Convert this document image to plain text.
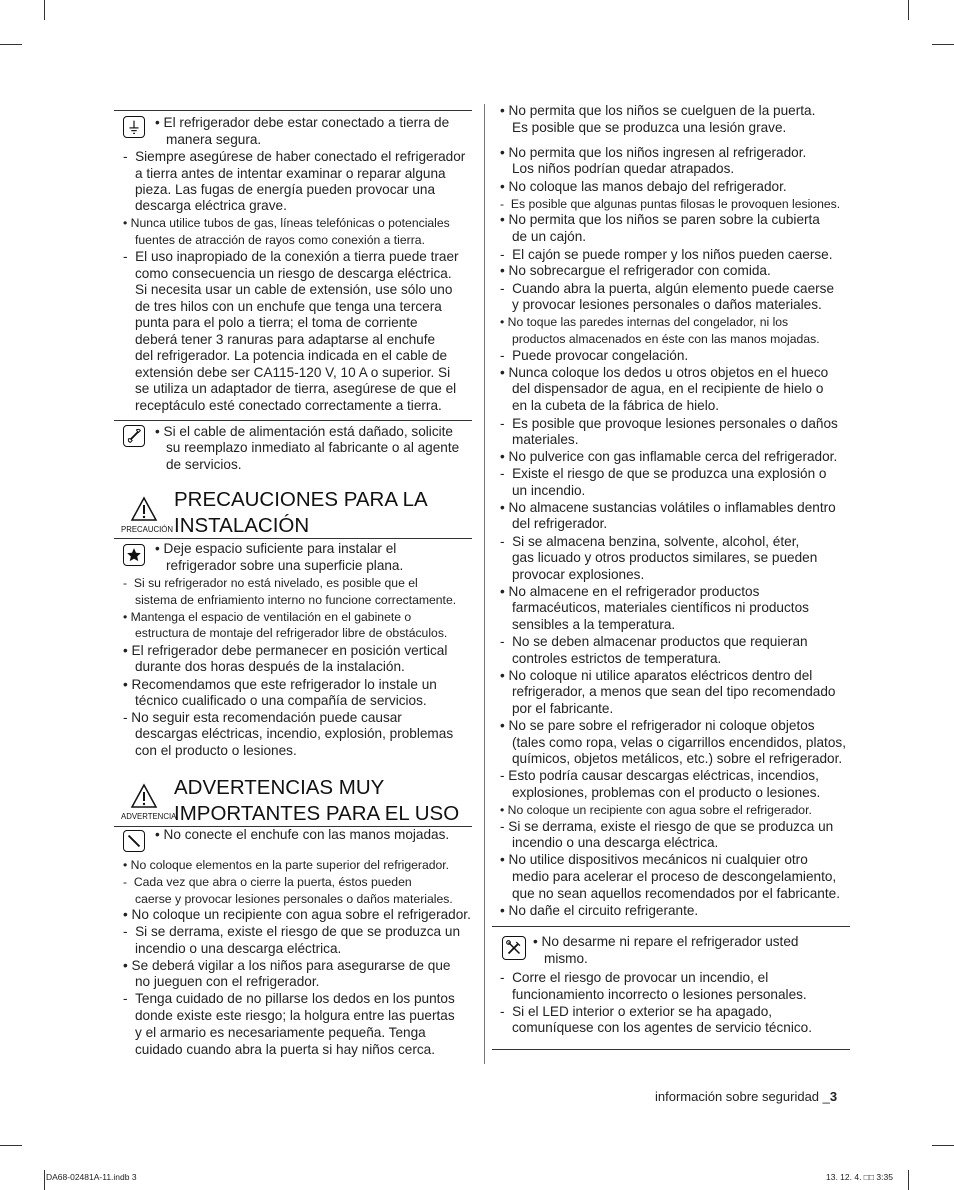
• El refrigerador debe estar conectado a tierra de
manera segura.
-  Siempre asegúrese de haber conectado el refrigerador
a tierra antes de intentar examinar o reparar alguna
pieza. Las fugas de energía pueden provocar una
descarga eléctrica grave.
• Nunca utilice tubos de gas, líneas telefónicas o potenciales
fuentes de atracción de rayos como conexión a tierra.
-  El uso inapropiado de la conexión a tierra puede traer
como consecuencia un riesgo de descarga eléctrica.
Si necesita usar un cable de extensión, use sólo uno
de tres hilos con un enchufe que tenga una tercera
punta para el polo a tierra; el toma de corriente
deberá tener 3 ranuras para adaptarse al enchufe
del refrigerador. La potencia indicada en el cable de
extensión debe ser CA115-120 V, 10 A o superior. Si
se utiliza un adaptador de tierra, asegúrese de que el
receptáculo esté conectado correctamente a tierra.
• Si el cable de alimentación está dañado, solicite
su reemplazo inmediato al fabricante o al agente
de servicios.
PRECAUCIÓN
PRECAUCIONES PARA LA
INSTALACIÓN
• Deje espacio suficiente para instalar el
refrigerador sobre una superficie plana.
-  Si su refrigerador no está nivelado, es posible que el
sistema de enfriamiento interno no funcione correctamente.
• Mantenga el espacio de ventilación en el gabinete o
estructura de montaje del refrigerador libre de obstáculos.
• El refrigerador debe permanecer en posición vertical
durante dos horas después de la instalación.
• Recomendamos que este refrigerador lo instale un
técnico cualificado o una compañía de servicios.
- No seguir esta recomendación puede causar
descargas eléctricas, incendio, explosión, problemas
con el producto o lesiones.
ADVERTENCIA
ADVERTENCIAS MUY
IMPORTANTES PARA EL USO
• No conecte el enchufe con las manos mojadas.
• No coloque elementos en la parte superior del refrigerador.
-  Cada vez que abra o cierre la puerta, éstos pueden
caerse y provocar lesiones personales o daños materiales.
• No coloque un recipiente con agua sobre el refrigerador.
-  Si se derrama, existe el riesgo de que se produzca un
incendio o una descarga eléctrica.
• Se deberá vigilar a los niños para asegurarse de que
no jueguen con el refrigerador.
-  Tenga cuidado de no pillarse los dedos en los puntos
donde existe este riesgo; la holgura entre las puertas
y el armario es necesariamente pequeña. Tenga
cuidado cuando abra la puerta si hay niños cerca.
• No permita que los niños se cuelguen de la puerta.
Es posible que se produzca una lesión grave.
• No permita que los niños ingresen al refrigerador.
Los niños podrían quedar atrapados.
• No coloque las manos debajo del refrigerador.
-  Es posible que algunas puntas filosas le provoquen lesiones.
• No permita que los niños se paren sobre la cubierta
de un cajón.
-  El cajón se puede romper y los niños pueden caerse.
• No sobrecargue el refrigerador con comida.
-  Cuando abra la puerta, algún elemento puede caerse
y provocar lesiones personales o daños materiales.
• No toque las paredes internas del congelador, ni los
productos almacenados en éste con las manos mojadas.
-  Puede provocar congelación.
• Nunca coloque los dedos u otros objetos en el hueco
del dispensador de agua, en el recipiente de hielo o
en la cubeta de la fábrica de hielo.
-  Es posible que provoque lesiones personales o daños
materiales.
• No pulverice con gas inflamable cerca del refrigerador.
-  Existe el riesgo de que se produzca una explosión o
un incendio.
• No almacene sustancias volátiles o inflamables dentro
del refrigerador.
-  Si se almacena benzina, solvente, alcohol, éter,
gas licuado y otros productos similares, se pueden
provocar explosiones.
• No almacene en el refrigerador productos
farmacéuticos, materiales científicos ni productos
sensibles a la temperatura.
-  No se deben almacenar productos que requieran
controles estrictos de temperatura.
• No coloque ni utilice aparatos eléctricos dentro del
refrigerador, a menos que sean del tipo recomendado
por el fabricante.
• No se pare sobre el refrigerador ni coloque objetos
(tales como ropa, velas o cigarrillos encendidos, platos,
químicos, objetos metálicos, etc.) sobre el refrigerador.
- Esto podría causar descargas eléctricas, incendios,
explosiones, problemas con el producto o lesiones.
• No coloque un recipiente con agua sobre el refrigerador.
- Si se derrama, existe el riesgo de que se produzca un
incendio o una descarga eléctrica.
• No utilice dispositivos mecánicos ni cualquier otro
medio para acelerar el proceso de descongelamiento,
que no sean aquellos recomendados por el fabricante.
• No dañe el circuito refrigerante.
• No desarme ni repare el refrigerador usted
mismo.
-  Corre el riesgo de provocar un incendio, el
funcionamiento incorrecto o lesiones personales.
-  Si el LED interior o exterior se ha apagado,
comuníquese con los agentes de servicio técnico.
información sobre seguridad _3
DA68-02481A-11.indb 3	13. 12. 4. □□ 3:35
